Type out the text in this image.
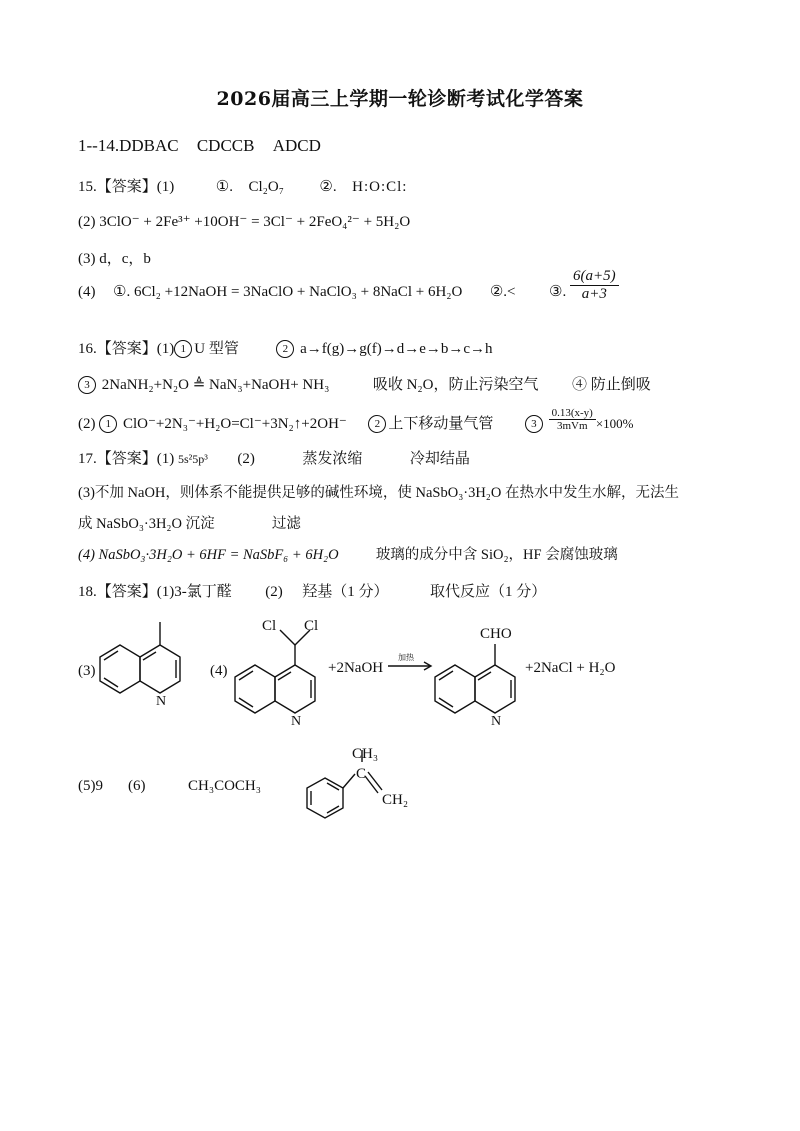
2026届高三上学期一轮诊断考试化学答案
1--14.DDBAC CDCCB ADCD
15.【答案】(1)	①. Cl₂O₇ ②. H:O:Cl:
(2) 3ClO⁻ + 2Fe³⁺ +10OH⁻ = 3Cl⁻ + 2FeO₄²⁻ + 5H₂O
(3) d，c，b
(4) ①. 6Cl₂ +12NaOH = 3NaClO + NaClO₃ + 8NaCl + 6H₂O ②.< ③. $\frac{6(a+5)}{a+3}$
16.【答案】(1) 1 U 型管	2 a→f(g)→g(f)→d→e→b→c→h
3 2NaNH₂+N₂O ≜ NaN₃+NaOH+ NH₃	吸收 N₂O，防止污染空气 ④ 防止倒吸
(2) 1 ClO⁻+2N₃⁻+H₂O=Cl⁻+3N₂↑+2OH⁻	2 上下移动量气管	$3 \frac{0.13(x-y)}{\text{3mVm}} \times 100\%$
17.【答案】(1) 5s²5p³ (2)	蒸发浓缩	冷却结晶
(3)不加 NaOH，则体系不能提供足够的碱性环境，使 NaSbO₃·3H₂O 在热水中发生水解，无法生
成 NaSbO₃·3H₂O 沉淀	过滤
(4) NaSbO₃·3H₂O + 6HF = NaSbF₆ + 6H₂O	玻璃的成分中含 SiO₂，HF 会腐蚀玻璃
18.【答案】(1)3-氯丁醛 (2) 羟基（1 分）	取代反应（1 分）
(3)
N
(4)
Cl Cl
N
+2NaOH
加热
CHO
N
+2NaCl + H₂O
(5)9 (6)	CH₃COCH₃
CH₃
C
CH₂
